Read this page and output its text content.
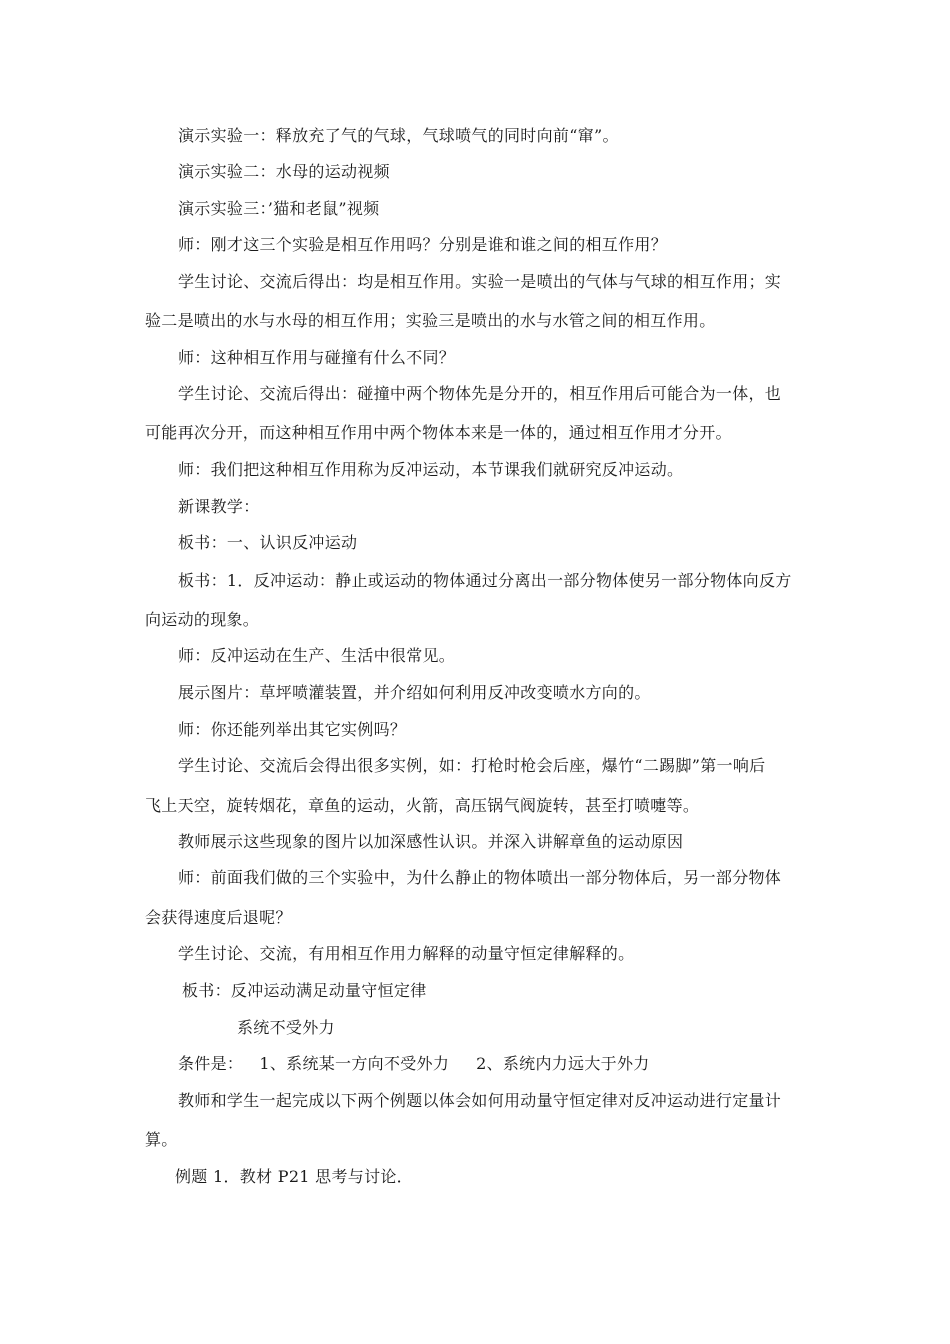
演示实验一：释放充了气的气球，气球喷气的同时向前“窜”。
演示实验二：水母的运动视频
演示实验三：’猫和老鼠”视频
师：刚才这三个实验是相互作用吗？分别是谁和谁之间的相互作用？
学生讨论、交流后得出：均是相互作用。实验一是喷出的气体与气球的相互作用；实
验二是喷出的水与水母的相互作用；实验三是喷出的水与水管之间的相互作用。
师：这种相互作用与碰撞有什么不同？
学生讨论、交流后得出：碰撞中两个物体先是分开的，相互作用后可能合为一体，也
可能再次分开，而这种相互作用中两个物体本来是一体的，通过相互作用才分开。
师：我们把这种相互作用称为反冲运动，本节课我们就研究反冲运动。
新课教学：
板书：一、认识反冲运动
板书：1．反冲运动：静止或运动的物体通过分离出一部分物体使另一部分物体向反方
向运动的现象。
师：反冲运动在生产、生活中很常见。
展示图片：草坪喷灌装置，并介绍如何利用反冲改变喷水方向的。
师：你还能列举出其它实例吗？
学生讨论、交流后会得出很多实例，如：打枪时枪会后座，爆竹“二踢脚”第一响后
飞上天空，旋转烟花，章鱼的运动，火箭，高压锅气阀旋转，甚至打喷嚏等。
教师展示这些现象的图片以加深感性认识。并深入讲解章鱼的运动原因
师：前面我们做的三个实验中，为什么静止的物体喷出一部分物体后，另一部分物体
会获得速度后退呢？
学生讨论、交流，有用相互作用力解释的动量守恒定律解释的。
板书：反冲运动满足动量守恒定律
系统不受外力
条件是：   1、系统某一方向不受外力     2、系统内力远大于外力
教师和学生一起完成以下两个例题以体会如何用动量守恒定律对反冲运动进行定量计
算。
例题 1．教材 P21 思考与讨论．
